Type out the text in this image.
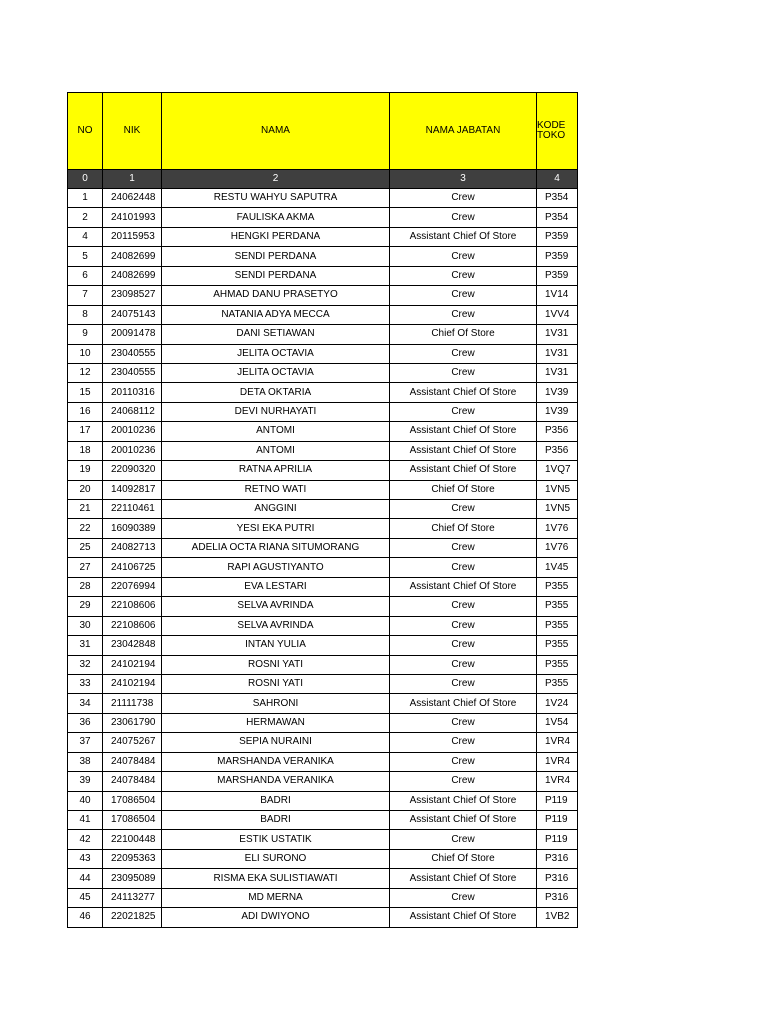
NO	NIK	NAMA	NAMA JABATAN	KODE
TOKO
0	1	2	3	4
1	24062448	RESTU WAHYU SAPUTRA	Crew	P354
2	24101993	FAULISKA AKMA	Crew	P354
4	20115953	HENGKI PERDANA	Assistant Chief Of Store	P359
5	24082699	SENDI PERDANA	Crew	P359
6	24082699	SENDI PERDANA	Crew	P359
7	23098527	AHMAD DANU PRASETYO	Crew	1V14
8	24075143	NATANIA ADYA MECCA	Crew	1VV4
9	20091478	DANI SETIAWAN	Chief Of Store	1V31
10	23040555	JELITA OCTAVIA	Crew	1V31
12	23040555	JELITA OCTAVIA	Crew	1V31
15	20110316	DETA OKTARIA	Assistant Chief Of Store	1V39
16	24068112	DEVI NURHAYATI	Crew	1V39
17	20010236	ANTOMI	Assistant Chief Of Store	P356
18	20010236	ANTOMI	Assistant Chief Of Store	P356
19	22090320	RATNA APRILIA	Assistant Chief Of Store	1VQ7
20	14092817	RETNO WATI	Chief Of Store	1VN5
21	22110461	ANGGINI	Crew	1VN5
22	16090389	YESI EKA PUTRI	Chief Of Store	1V76
25	24082713	ADELIA OCTA RIANA SITUMORANG	Crew	1V76
27	24106725	RAPI AGUSTIYANTO	Crew	1V45
28	22076994	EVA LESTARI	Assistant Chief Of Store	P355
29	22108606	SELVA AVRINDA	Crew	P355
30	22108606	SELVA AVRINDA	Crew	P355
31	23042848	INTAN YULIA	Crew	P355
32	24102194	ROSNI YATI	Crew	P355
33	24102194	ROSNI YATI	Crew	P355
34	21111738	SAHRONI	Assistant Chief Of Store	1V24
36	23061790	HERMAWAN	Crew	1V54
37	24075267	SEPIA NURAINI	Crew	1VR4
38	24078484	MARSHANDA VERANIKA	Crew	1VR4
39	24078484	MARSHANDA VERANIKA	Crew	1VR4
40	17086504	BADRI	Assistant Chief Of Store	P119
41	17086504	BADRI	Assistant Chief Of Store	P119
42	22100448	ESTIK USTATIK	Crew	P119
43	22095363	ELI SURONO	Chief Of Store	P316
44	23095089	RISMA EKA SULISTIAWATI	Assistant Chief Of Store	P316
45	24113277	MD MERNA	Crew	P316
46	22021825	ADI DWIYONO	Assistant Chief Of Store	1VB2
